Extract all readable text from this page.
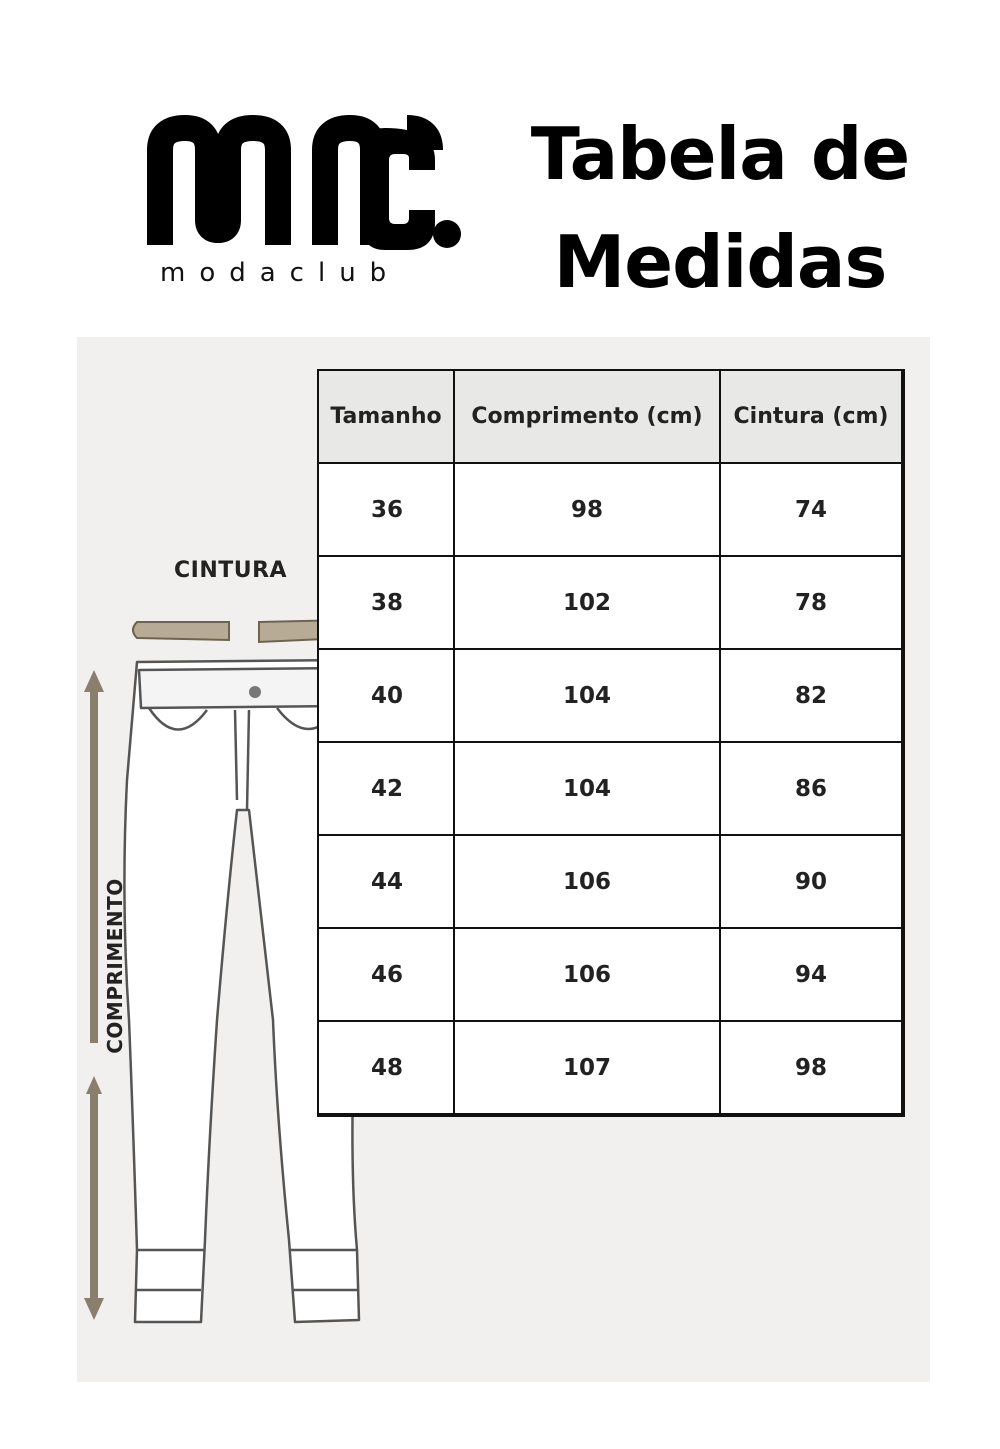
modaclub
Tabela de
Medidas
CINTURA
COMPRIMENTO
Tamanho	Comprimento (cm)	Cintura (cm)
36	98	74
38	102	78
40	104	82
42	104	86
44	106	90
46	106	94
48	107	98
